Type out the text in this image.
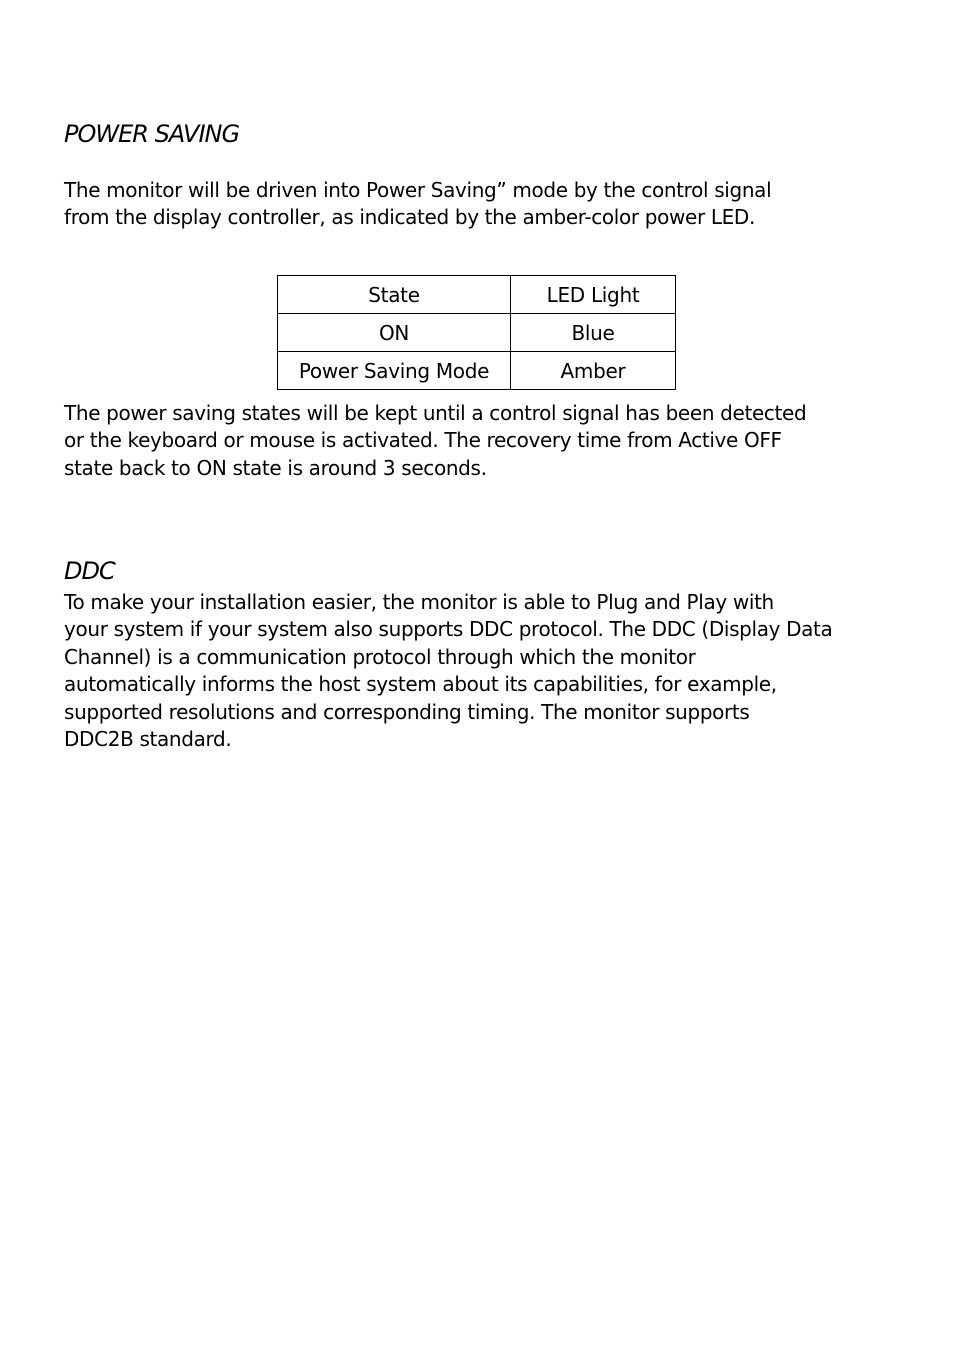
POWER SAVING

The monitor will be driven into Power Saving” mode by the control signal
from the display controller, as indicated by the amber-color power LED.

State	LED Light
ON	Blue
Power Saving Mode	Amber

The power saving states will be kept until a control signal has been detected
or the keyboard or mouse is activated. The recovery time from Active OFF
state back to ON state is around 3 seconds.

DDC

To make your installation easier, the monitor is able to Plug and Play with
your system if your system also supports DDC protocol. The DDC (Display Data
Channel) is a communication protocol through which the monitor
automatically informs the host system about its capabilities, for example,
supported resolutions and corresponding timing. The monitor supports
DDC2B standard.
